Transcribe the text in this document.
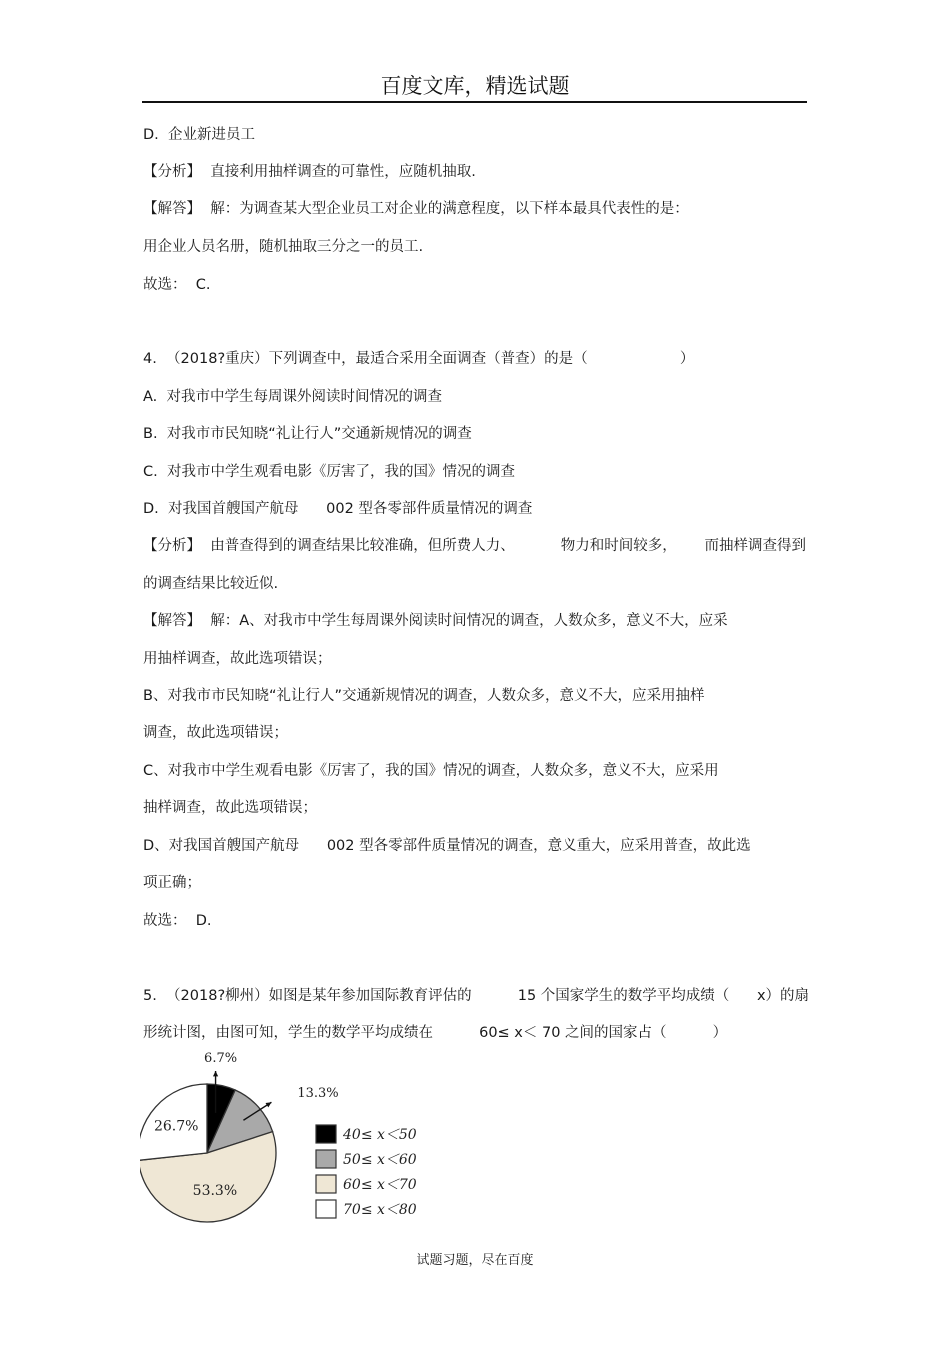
百度文库，精选试题
D.  企业新进员工
【分析】  直接利用抽样调查的可靠性，应随机抽取.
【解答】  解：为调查某大型企业员工对企业的满意程度，以下样本最具代表性的是：
用企业人员名册，随机抽取三分之一的员工.
故选：  C.
4.  （2018?重庆）下列调查中，最适合采用全面调查（普查）的是（                    ）
A.  对我市中学生每周课外阅读时间情况的调查
B.  对我市市民知晓“礼让行人”交通新规情况的调查
C.  对我市中学生观看电影《厉害了，我的国》情况的调查
D.  对我国首艘国产航母      002 型各零部件质量情况的调查
【分析】  由普查得到的调查结果比较准确，但所费人力、          物力和时间较多，      而抽样调查得到
的调查结果比较近似.
【解答】  解：A、对我市中学生每周课外阅读时间情况的调查，人数众多，意义不大，应采
用抽样调查，故此选项错误；
B、对我市市民知晓“礼让行人”交通新规情况的调查，人数众多，意义不大，应采用抽样
调查，故此选项错误；
C、对我市中学生观看电影《厉害了，我的国》情况的调查，人数众多，意义不大，应采用
抽样调查，故此选项错误；
D、对我国首艘国产航母      002 型各零部件质量情况的调查，意义重大，应采用普查，故此选
项正确；
故选：  D.
5.  （2018?柳州）如图是某年参加国际教育评估的          15 个国家学生的数学平均成绩（      x）的扇
形统计图，由图可知，学生的数学平均成绩在          60≤ x＜ 70 之间的国家占（          ）
6.7%
13.3%
53.3%
26.7%
40≤ x＜50
50≤ x＜60
60≤ x＜70
70≤ x＜80
试题习题，尽在百度
